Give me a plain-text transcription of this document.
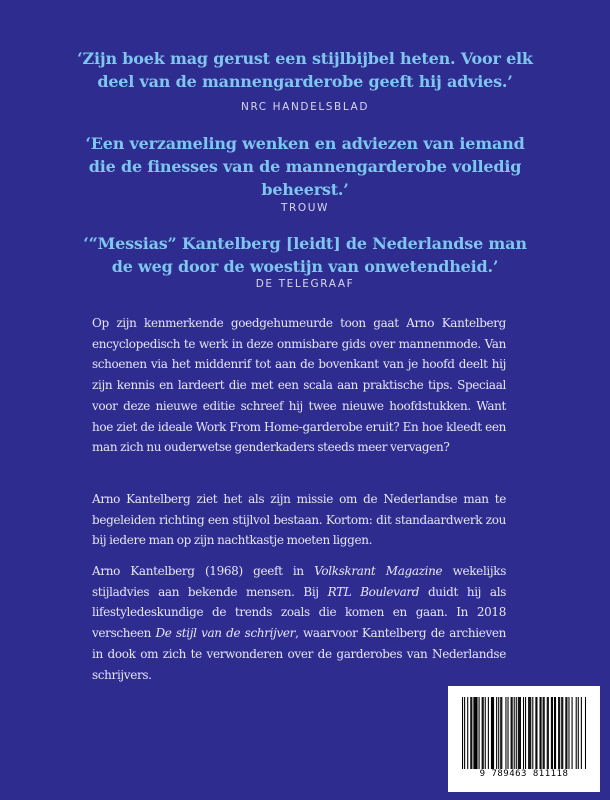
‘Zijn boek mag gerust een stijlbijbel heten. Voor elk
deel van de mannengarderobe geeft hij advies.’
NRC HANDELSBLAD
‘Een verzameling wenken en adviezen van iemand
die de finesses van de mannengarderobe volledig
beheerst.’
TROUW
‘“Messias” Kantelberg [leidt] de Nederlandse man
de weg door de woestijn van onwetendheid.’
DE TELEGRAAF

Op zijn kenmerkende goedgehumeurde toon gaat Arno Kantelberg encyclopedisch te werk in deze onmisbare gids over mannenmode. Van schoenen via het middenrif tot aan de bovenkant van je hoofd deelt hij zijn kennis en lardeert die met een scala aan praktische tips. Speciaal voor deze nieuwe editie schreef hij twee nieuwe hoofdstukken. Want hoe ziet de ideale Work From Home-garderobe eruit? En hoe kleedt een man zich nu ouderwetse genderkaders steeds meer vervagen?

Arno Kantelberg ziet het als zijn missie om de Nederlandse man te begeleiden richting een stijlvol bestaan. Kortom: dit standaardwerk zou bij iedere man op zijn nachtkastje moeten liggen.

Arno Kantelberg (1968) geeft in Volkskrant Magazine wekelijks stijladvies aan bekende mensen. Bij RTL Boulevard duidt hij als lifestyledeskundige de trends zoals die komen en gaan. In 2018 verscheen De stijl van de schrijver, waarvoor Kantelberg de archieven in dook om zich te verwonderen over de garderobes van Nederlandse schrijvers.

9 789463 811118
